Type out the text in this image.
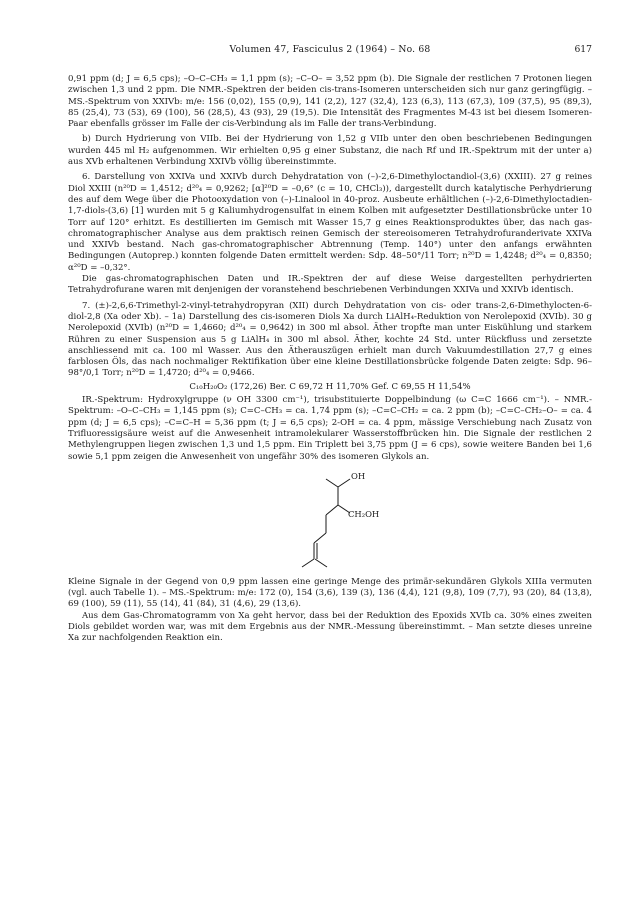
Volumen 47, Fasciculus 2 (1964) – No. 68	617

0,91 ppm (d; J = 6,5 cps); –O–C–CH₃ = 1,1 ppm (s); –C–O– = 3,52 ppm (b). Die Signale der restlichen 7 Protonen liegen zwischen 1,3 und 2 ppm. Die NMR.-Spektren der beiden cis-trans-Isomeren unterscheiden sich nur ganz geringfügig. – MS.-Spektrum von XXIVb: m/e: 156 (0,02), 155 (0,9), 141 (2,2), 127 (32,4), 123 (6,3), 113 (67,3), 109 (37,5), 95 (89,3), 85 (25,4), 73 (53), 69 (100), 56 (28,5), 43 (93), 29 (19,5). Die Intensität des Fragmentes M-43 ist bei diesem Isomeren-Paar ebenfalls grösser im Falle der cis-Verbindung als im Falle der trans-Verbindung.

b) Durch Hydrierung von VIIb. Bei der Hydrierung von 1,52 g VIIb unter den oben beschriebenen Bedingungen wurden 445 ml H₂ aufgenommen. Wir erhielten 0,95 g einer Substanz, die nach Rf und IR.-Spektrum mit der unter a) aus XVb erhaltenen Verbindung XXIVb völlig übereinstimmte.

6. Darstellung von XXIVa und XXIVb durch Dehydratation von (–)-2,6-Dimethyloctandiol-(3,6) (XXIII). 27 g reines Diol XXIII (n²⁰D = 1,4512; d²⁰₄ = 0,9262; [α]²⁰D = –0,6° (c = 10, CHCl₃)), dargestellt durch katalytische Perhydrierung des auf dem Wege über die Photooxydation von (–)-Linalool in 40-proz. Ausbeute erhältlichen (–)-2,6-Dimethyloctadien-1,7-diols-(3,6) [1] wurden mit 5 g Kaliumhydrogensulfat in einem Kolben mit aufgesetzter Destillationsbrücke unter 10 Torr auf 120° erhitzt. Es destillierten im Gemisch mit Wasser 15,7 g eines Reaktionsproduktes über, das nach gas-chromatographischer Analyse aus dem praktisch reinen Gemisch der stereoisomeren Tetrahydrofuranderivate XXIVa und XXIVb bestand. Nach gas-chromatographischer Abtrennung (Temp. 140°) unter den anfangs erwähnten Bedingungen (Autoprep.) konnten folgende Daten ermittelt werden: Sdp. 48–50°/11 Torr; n²⁰D = 1,4248; d²⁰₄ = 0,8350; α²⁰D = –0,32°.

Die gas-chromatographischen Daten und IR.-Spektren der auf diese Weise dargestellten perhydrierten Tetrahydrofurane waren mit denjenigen der voranstehend beschriebenen Verbindungen XXIVa und XXIVb identisch.

7. (±)-2,6,6-Trimethyl-2-vinyl-tetrahydropyran (XII) durch Dehydratation von cis- oder trans-2,6-Dimethylocten-6-diol-2,8 (Xa oder Xb). – 1a) Darstellung des cis-isomeren Diols Xa durch LiAlH₄-Reduktion von Nerolepoxid (XVIb). 30 g Nerolepoxid (XVIb) (n²⁰D = 1,4660; d²⁰₄ = 0,9642) in 300 ml absol. Äther tropfte man unter Eiskühlung und starkem Rühren zu einer Suspension aus 5 g LiAlH₄ in 300 ml absol. Äther, kochte 24 Std. unter Rückfluss und zersetzte anschliessend mit ca. 100 ml Wasser. Aus den Ätherauszügen erhielt man durch Vakuumdestillation 27,7 g eines farblosen Öls, das nach nochmaliger Rektifikation über eine kleine Destillationsbrücke folgende Daten zeigte: Sdp. 96–98°/0,1 Torr; n²⁰D = 1,4720; d²⁰₄ = 0,9466.

C₁₀H₂₀O₂ (172,26) Ber. C 69,72 H 11,70% Gef. C 69,55 H 11,54%

IR.-Spektrum: Hydroxylgruppe (ν OH 3300 cm⁻¹), trisubstituierte Doppelbindung (ω C=C 1666 cm⁻¹). – NMR.-Spektrum: –O–C–CH₃ = 1,145 ppm (s); C=C–CH₃ = ca. 1,74 ppm (s); –C=C–CH₂ = ca. 2 ppm (b); –C=C–CH₂–O– = ca. 4 ppm (d; J = 6,5 cps); –C=C–H = 5,36 ppm (t; J = 6,5 cps); 2-OH = ca. 4 ppm, mässige Verschiebung nach Zusatz von Trifluoressigsäure weist auf die Anwesenheit intramolekularer Wasserstoffbrücken hin. Die Signale der restlichen 2 Methylengruppen liegen zwischen 1,3 und 1,5 ppm. Ein Triplett bei 3,75 ppm (J = 6 cps), sowie weitere Banden bei 1,6 sowie 5,1 ppm zeigen die Anwesenheit von ungefähr 30% des isomeren Glykols an.

OH
CH₂OH

Kleine Signale in der Gegend von 0,9 ppm lassen eine geringe Menge des primär-sekundären Glykols XIIIa vermuten (vgl. auch Tabelle 1). – MS.-Spektrum: m/e: 172 (0), 154 (3,6), 139 (3), 136 (4,4), 121 (9,8), 109 (7,7), 93 (20), 84 (13,8), 69 (100), 59 (11), 55 (14), 41 (84), 31 (4,6), 29 (13,6).

Aus dem Gas-Chromatogramm von Xa geht hervor, dass bei der Reduktion des Epoxids XVIb ca. 30% eines zweiten Diols gebildet worden war, was mit dem Ergebnis aus der NMR.-Messung übereinstimmt. – Man setzte dieses unreine Xa zur nachfolgenden Reaktion ein.
